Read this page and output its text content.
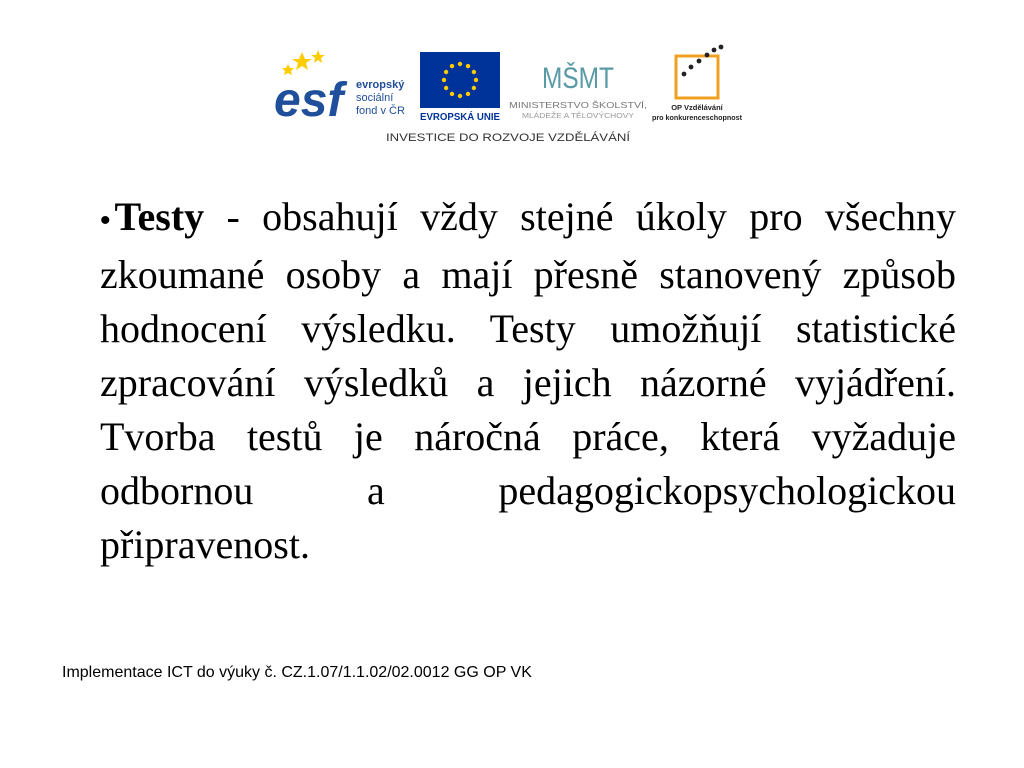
esf	evropský
sociální
fond v ČR
EVROPSKÁ UNIE
MŠMT
MINISTERSTVO ŠKOLSTVÍ,
MLÁDEŽE A TĚLOVÝCHOVY
OP Vzdělávání
pro konkurenceschopnost
INVESTICE DO ROZVOJE VZDĚLÁVÁNÍ
• Testy - obsahují vždy stejné úkoly pro všechny zkoumané osoby a mají přesně stanovený způsob hodnocení výsledku. Testy umožňují statistické zpracování výsledků a jejich názorné vyjádření. Tvorba testů je náročná práce, která vyžaduje odbornou a pedagogickopsychologickou připravenost.
Implementace ICT do výuky č. CZ.1.07/1.1.02/02.0012 GG OP VK
